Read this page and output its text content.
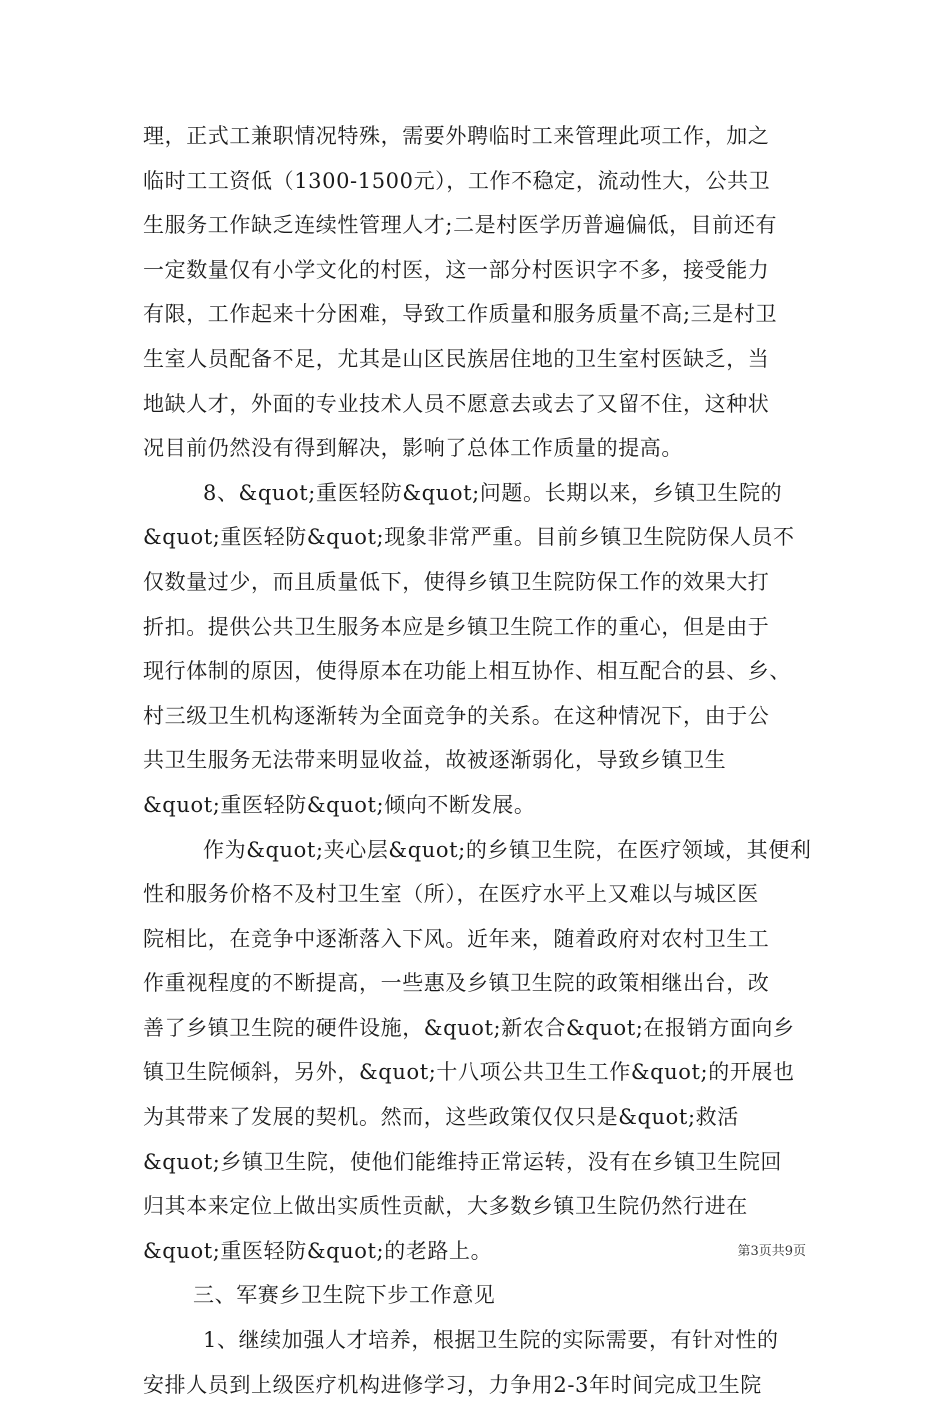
理，正式工兼职情况特殊，需要外聘临时工来管理此项工作，加之
临时工工资低（1300-1500元），工作不稳定，流动性大，公共卫
生服务工作缺乏连续性管理人才;二是村医学历普遍偏低，目前还有
一定数量仅有小学文化的村医，这一部分村医识字不多，接受能力
有限，工作起来十分困难，导致工作质量和服务质量不高;三是村卫
生室人员配备不足，尤其是山区民族居住地的卫生室村医缺乏，当
地缺人才，外面的专业技术人员不愿意去或去了又留不住，这种状
况目前仍然没有得到解决，影响了总体工作质量的提高。
8、&quot;重医轻防&quot;问题。长期以来，乡镇卫生院的
&quot;重医轻防&quot;现象非常严重。目前乡镇卫生院防保人员不
仅数量过少，而且质量低下，使得乡镇卫生院防保工作的效果大打
折扣。提供公共卫生服务本应是乡镇卫生院工作的重心，但是由于
现行体制的原因，使得原本在功能上相互协作、相互配合的县、乡、
村三级卫生机构逐渐转为全面竞争的关系。在这种情况下，由于公
共卫生服务无法带来明显收益，故被逐渐弱化，导致乡镇卫生
&quot;重医轻防&quot;倾向不断发展。
作为&quot;夹心层&quot;的乡镇卫生院，在医疗领域，其便利
性和服务价格不及村卫生室（所），在医疗水平上又难以与城区医
院相比，在竞争中逐渐落入下风。近年来，随着政府对农村卫生工
作重视程度的不断提高，一些惠及乡镇卫生院的政策相继出台，改
善了乡镇卫生院的硬件设施，&quot;新农合&quot;在报销方面向乡
镇卫生院倾斜，另外，&quot;十八项公共卫生工作&quot;的开展也
为其带来了发展的契机。然而，这些政策仅仅只是&quot;救活
&quot;乡镇卫生院，使他们能维持正常运转，没有在乡镇卫生院回
归其本来定位上做出实质性贡献，大多数乡镇卫生院仍然行进在
&quot;重医轻防&quot;的老路上。
三、军赛乡卫生院下步工作意见
1、继续加强人才培养，根据卫生院的实际需要，有针对性的
安排人员到上级医疗机构进修学习，力争用2-3年时间完成卫生院
第3页共9页
